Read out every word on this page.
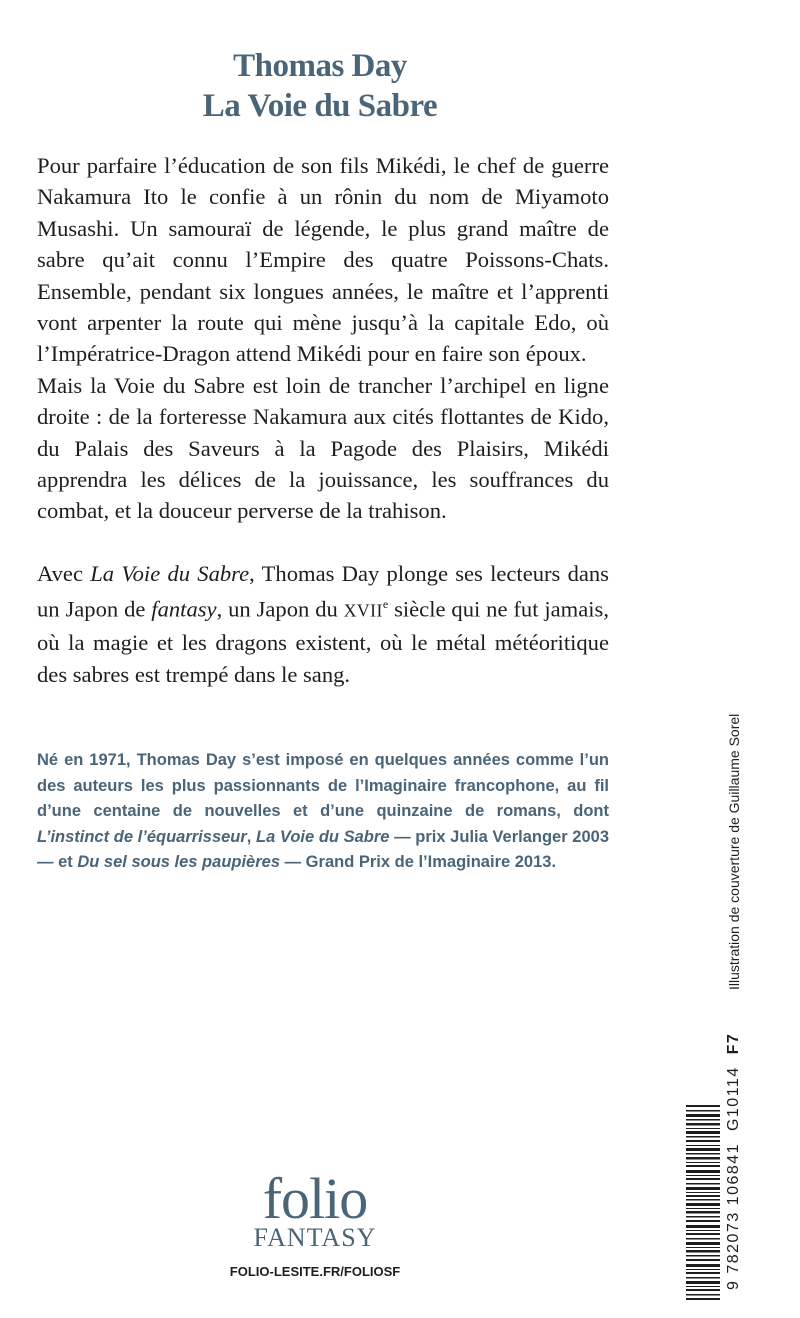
Thomas Day
La Voie du Sabre

Pour parfaire l’éducation de son fils Mikédi, le chef de guerre Nakamura Ito le confie à un rônin du nom de Miyamoto Musashi. Un samouraï de légende, le plus grand maître de sabre qu’ait connu l’Empire des quatre Poissons-Chats. Ensemble, pendant six longues années, le maître et l’apprenti vont arpenter la route qui mène jusqu’à la capitale Edo, où l’Impératrice-Dragon attend Mikédi pour en faire son époux.

Mais la Voie du Sabre est loin de trancher l’archipel en ligne droite : de la forteresse Nakamura aux cités flottantes de Kido, du Palais des Saveurs à la Pagode des Plaisirs, Mikédi apprendra les délices de la jouissance, les souffrances du combat, et la douceur perverse de la trahison.

Avec La Voie du Sabre, Thomas Day plonge ses lecteurs dans un Japon de fantasy, un Japon du XVIIe siècle qui ne fut jamais, où la magie et les dragons existent, où le métal météoritique des sabres est trempé dans le sang.

Né en 1971, Thomas Day s’est imposé en quelques années comme l’un des auteurs les plus passionnants de l’Imaginaire francophone, au fil d’une centaine de nouvelles et d’une quinzaine de romans, dont L’instinct de l’équarrisseur, La Voie du Sabre — prix Julia Verlanger 2003 — et Du sel sous les paupières — Grand Prix de l’Imaginaire 2013.	Illustration de couverture de Guillaume Sorel
9 782073 106841  G10114  F7
folio
FANTASY
FOLIO-LESITE.FR/FOLIOSF
